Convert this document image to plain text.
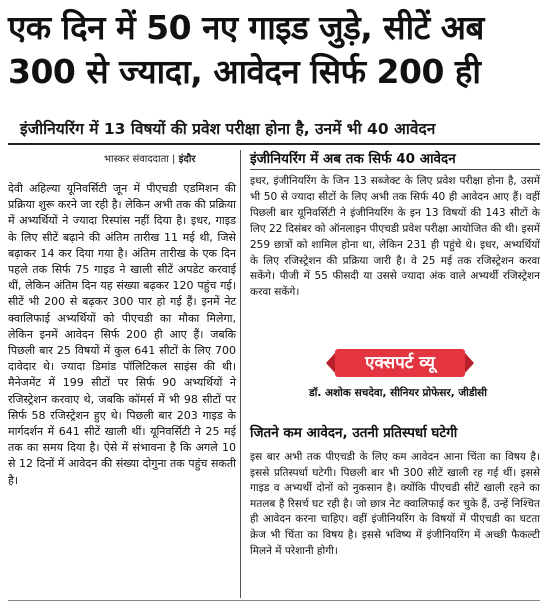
एक दिन में 50 नए गाइड जुड़े, सीटें अब
300 से ज्यादा, आवेदन सिर्फ 200 ही
इंजीनियरिंग में 13 विषयों की प्रवेश परीक्षा होना है, उनमें भी 40 आवेदन
भास्कर संवाददाता | इंदौर
देवी अहिल्या यूनिवर्सिटी जून में पीएचडी एडमिशन की प्रक्रिया शुरू करने जा रही है। लेकिन अभी तक की प्रक्रिया में अभ्यर्थियों ने ज्यादा रिस्पांस नहीं दिया है। इधर, गाइड के लिए सीटें बढ़ाने की अंतिम तारीख 11 मई थी, जिसे बढ़ाकर 14 कर दिया गया है। अंतिम तारीख के एक दिन पहले तक सिर्फ 75 गाइड ने खाली सीटें अपडेट करवाई थीं, लेकिन अंतिम दिन यह संख्या बढ़कर 120 पहुंच गई। सीटें भी 200 से बढ़कर 300 पार हो गई हैं। इनमें नेट क्वालिफाई अभ्यर्थियों को पीएचडी का मौका मिलेगा, लेकिन इनमें आवेदन सिर्फ 200 ही आए हैं। जबकि पिछली बार 25 विषयों में कुल 641 सीटों के लिए 700 दावेदार थे। ज्यादा डिमांड पॉलिटिकल साइंस की थी। मैनेजमेंट में 199 सीटों पर सिर्फ 90 अभ्यर्थियों ने रजिस्ट्रेशन करवाए थे, जबकि कॉमर्स में भी 98 सीटों पर सिर्फ 58 रजिस्ट्रेशन हुए थे। पिछली बार 203 गाइड के मार्गदर्शन में 641 सीटें खाली थीं। यूनिवर्सिटी ने 25 मई तक का समय दिया है। ऐसे में संभावना है कि अगले 10 से 12 दिनों में आवेदन की संख्या दोगुना तक पहुंच सकती है।
इंजीनियरिंग में अब तक सिर्फ 40 आवेदन
इधर, इंजीनियरिंग के जिन 13 सब्जेक्ट के लिए प्रवेश परीक्षा होना है, उसमें भी 50 से ज्यादा सीटों के लिए अभी तक सिर्फ 40 ही आवेदन आए हैं। वहीं पिछली बार यूनिवर्सिटी ने इंजीनियरिंग के इन 13 विषयों की 143 सीटों के लिए 22 दिसंबर को ऑनलाइन पीएचडी प्रवेश परीक्षा आयोजित की थी। इसमें 259 छात्रों को शामिल होना था, लेकिन 231 ही पहुंचे थे। इधर, अभ्यर्थियों के लिए रजिस्ट्रेशन की प्रक्रिया जारी है। वे 25 मई तक रजिस्ट्रेशन करवा सकेंगे। पीजी में 55 फीसदी या उससे ज्यादा अंक वाले अभ्यर्थी रजिस्ट्रेशन करवा सकेंगे।
एक्सपर्ट व्यू
डॉ. अशोक सचदेवा, सीनियर प्रोफेसर, जीडीसी
जितने कम आवेदन, उतनी प्रतिस्पर्धा घटेगी
इस बार अभी तक पीएचडी के लिए कम आवेदन आना चिंता का विषय है। इससे प्रतिस्पर्धा घटेगी। पिछली बार भी 300 सीटें खाली रह गई थीं। इससे गाइड व अभ्यर्थी दोनों को नुकसान है। क्योंकि पीएचडी सीटें खाली रहने का मतलब है रिसर्च घट रही है। जो छात्र नेट क्वालिफाई कर चुके हैं, उन्हें निश्चित ही आवेदन करना चाहिए। वहीं इंजीनियरिंग के विषयों में पीएचडी का घटता क्रेज भी चिंता का विषय है। इससे भविष्य में इंजीनियरिंग में अच्छी फैकल्टी मिलने में परेशानी होगी।
